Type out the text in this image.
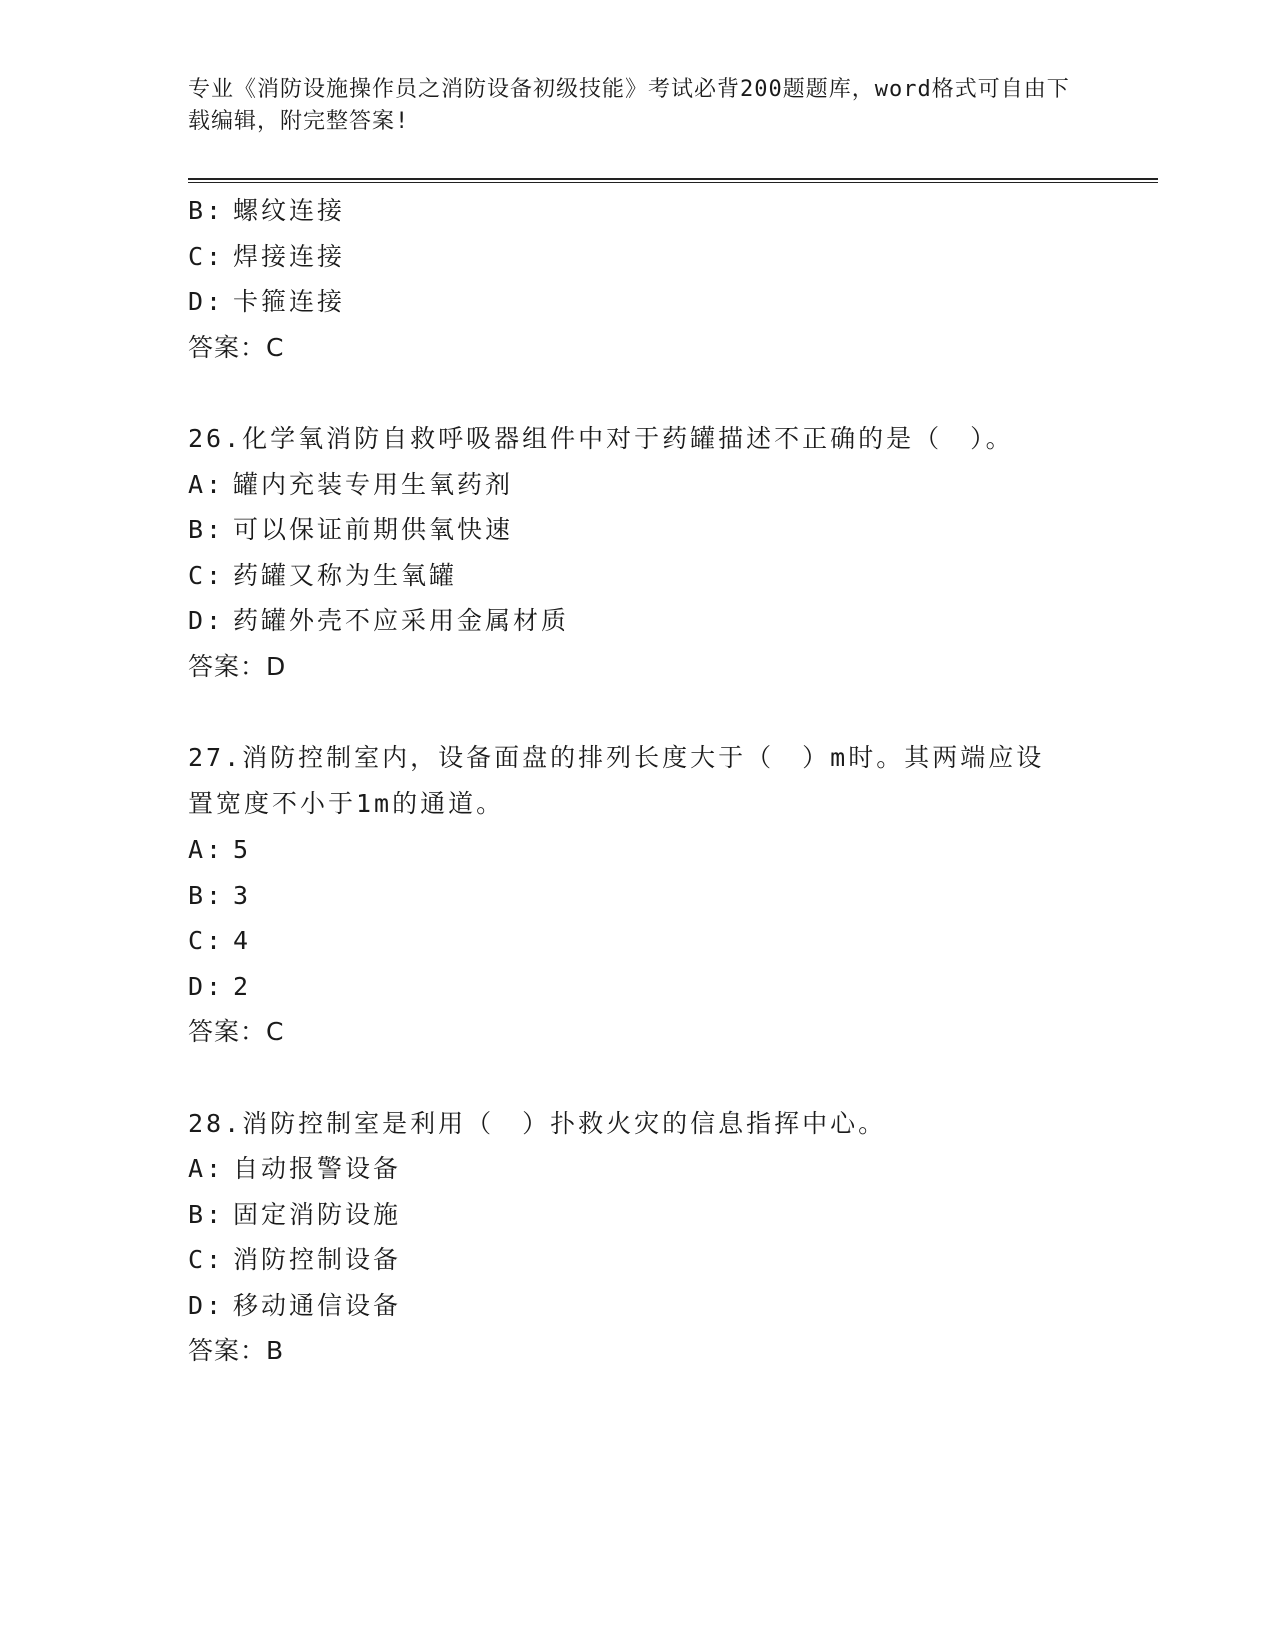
专业《消防设施操作员之消防设备初级技能》考试必背200题题库，word格式可自由下载编辑，附完整答案!
B: 螺纹连接
C: 焊接连接
D: 卡箍连接
答案：C
26.化学氧消防自救呼吸器组件中对于药罐描述不正确的是（　）。
A: 罐内充装专用生氧药剂
B: 可以保证前期供氧快速
C: 药罐又称为生氧罐
D: 药罐外壳不应采用金属材质
答案：D
27.消防控制室内，设备面盘的排列长度大于（　）m时。其两端应设置宽度不小于1m的通道。
A: 5
B: 3
C: 4
D: 2
答案：C
28.消防控制室是利用（　）扑救火灾的信息指挥中心。
A: 自动报警设备
B: 固定消防设施
C: 消防控制设备
D: 移动通信设备
答案：B
